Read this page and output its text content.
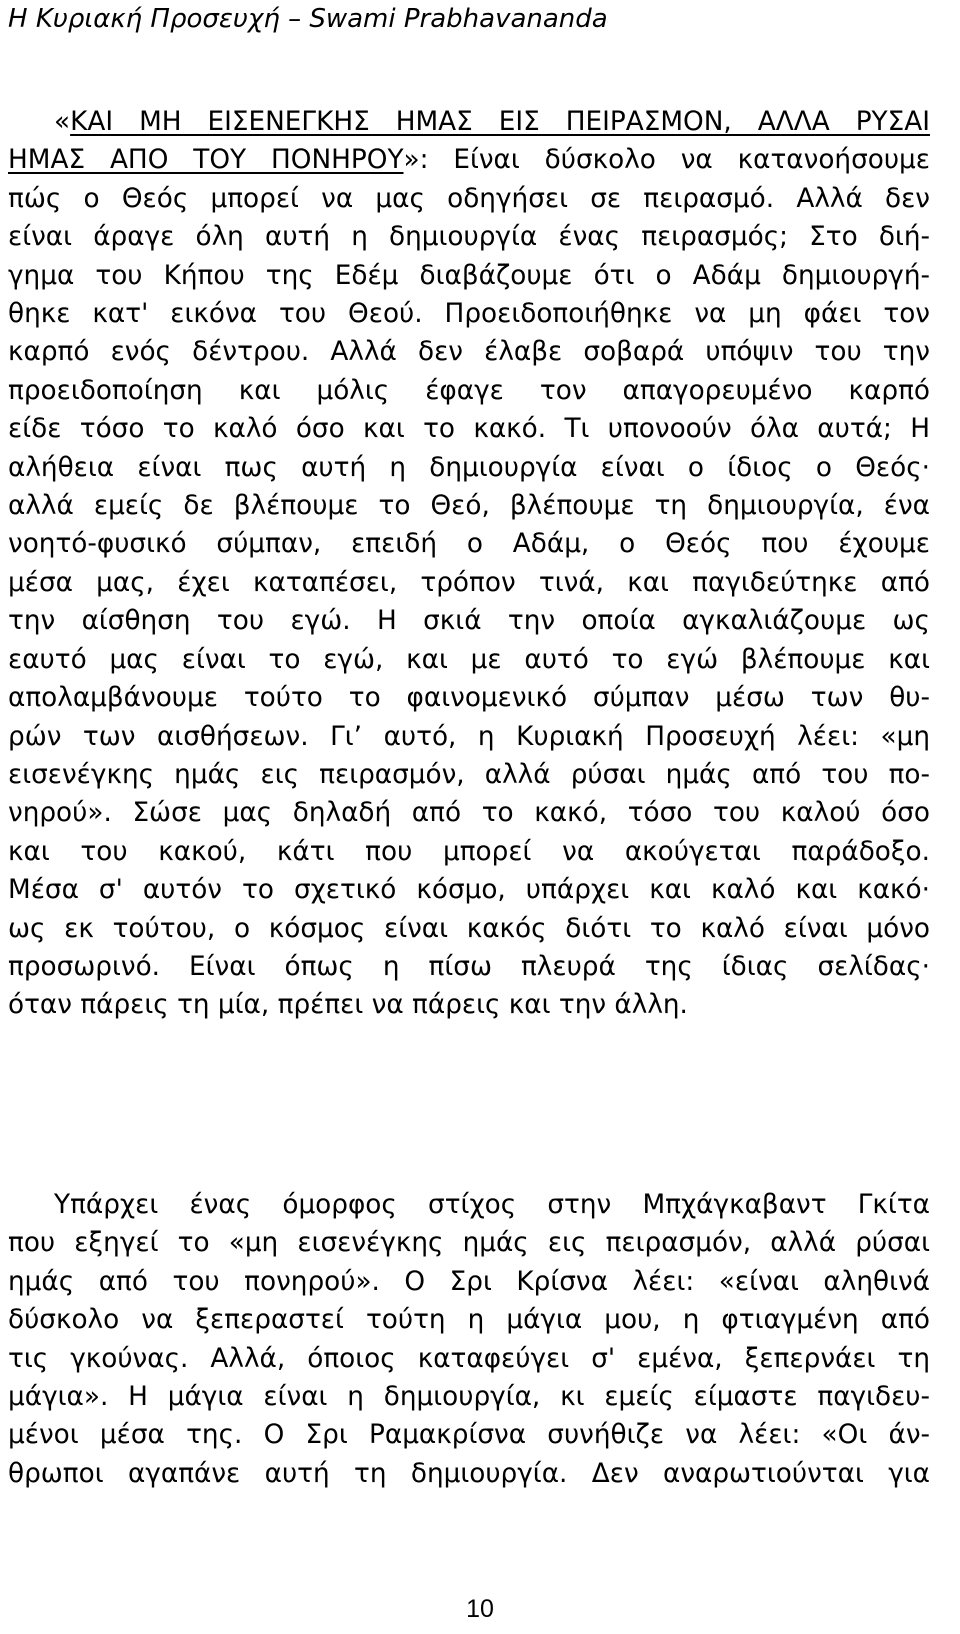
Η Κυριακή Προσευχή – Swami Prabhavananda
«ΚΑΙ ΜΗ ΕΙΣΕΝΕΓΚΗΣ ΗΜΑΣ ΕΙΣ ΠΕΙΡΑΣΜΟΝ, ΑΛΛΑ ΡΥΣΑΙ
ΗΜΑΣ ΑΠΟ ΤΟΥ ΠΟΝΗΡΟΥ»: Είναι δύσκολο να κατανοήσουμε
πώς ο Θεός μπορεί να μας οδηγήσει σε πειρασμό. Αλλά δεν
είναι άραγε όλη αυτή η δημιουργία ένας πειρασμός; Στο διή-
γημα του Κήπου της Εδέμ διαβάζουμε ότι ο Αδάμ δημιουργή-
θηκε κατ' εικόνα του Θεού. Προειδοποιήθηκε να μη φάει τον
καρπό ενός δέντρου. Αλλά δεν έλαβε σοβαρά υπόψιν του την
προειδοποίηση και μόλις έφαγε τον απαγορευμένο καρπό
είδε τόσο το καλό όσο και το κακό. Τι υπονοούν όλα αυτά; Η
αλήθεια είναι πως αυτή η δημιουργία είναι ο ίδιος ο Θεός·
αλλά εμείς δε βλέπουμε το Θεό, βλέπουμε τη δημιουργία, ένα
νοητό-φυσικό σύμπαν, επειδή ο Αδάμ, ο Θεός που έχουμε
μέσα μας, έχει καταπέσει, τρόπον τινά, και παγιδεύτηκε από
την αίσθηση του εγώ. Η σκιά την οποία αγκαλιάζουμε ως
εαυτό μας είναι το εγώ, και με αυτό το εγώ βλέπουμε και
απολαμβάνουμε τούτο το φαινομενικό σύμπαν μέσω των θυ-
ρών των αισθήσεων. Γι’ αυτό, η Κυριακή Προσευχή λέει: «μη
εισενέγκης ημάς εις πειρασμόν, αλλά ρύσαι ημάς από του πο-
νηρού». Σώσε μας δηλαδή από το κακό, τόσο του καλού όσο
και του κακού, κάτι που μπορεί να ακούγεται παράδοξο.
Μέσα σ' αυτόν το σχετικό κόσμο, υπάρχει και καλό και κακό·
ως εκ τούτου, ο κόσμος είναι κακός διότι το καλό είναι μόνο
προσωρινό. Είναι όπως η πίσω πλευρά της ίδιας σελίδας·
όταν πάρεις τη μία, πρέπει να πάρεις και την άλλη.
Υπάρχει ένας όμορφος στίχος στην Μπχάγκαβαντ Γκίτα
που εξηγεί το «μη εισενέγκης ημάς εις πειρασμόν, αλλά ρύσαι
ημάς από του πονηρού». Ο Σρι Κρίσνα λέει: «είναι αληθινά
δύσκολο να ξεπεραστεί τούτη η μάγια μου, η φτιαγμένη από
τις γκούνας. Αλλά, όποιος καταφεύγει σ' εμένα, ξεπερνάει τη
μάγια». Η μάγια είναι η δημιουργία, κι εμείς είμαστε παγιδευ-
μένοι μέσα της. Ο Σρι Ραμακρίσνα συνήθιζε να λέει: «Οι άν-
θρωποι αγαπάνε αυτή τη δημιουργία. Δεν αναρωτιούνται για
10
